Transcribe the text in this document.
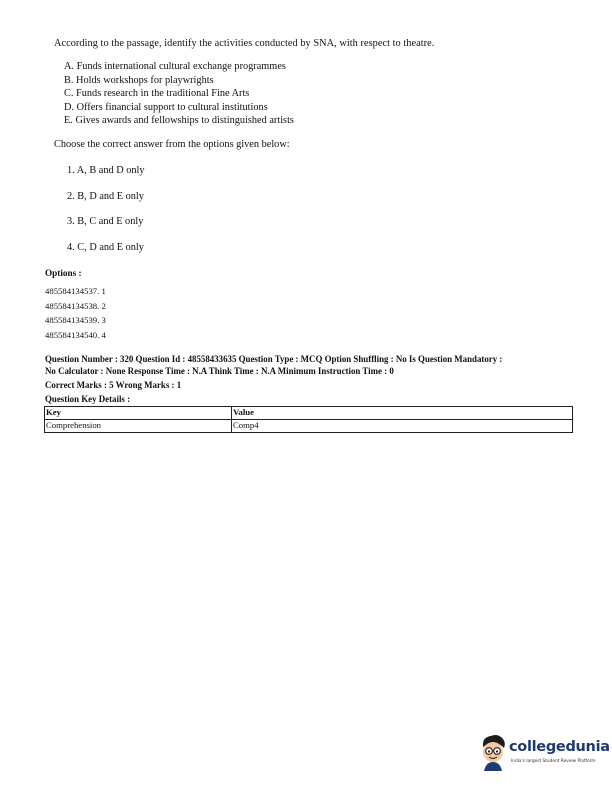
According to the passage, identify the activities conducted by SNA, with respect to theatre.
A. Funds international cultural exchange programmes
B. Holds workshops for playwrights
C. Funds research in the traditional Fine Arts
D. Offers financial support to cultural institutions
E. Gives awards and fellowships to distinguished artists
Choose the correct answer from the options given below:
1. A, B and D only
2. B, D and E only
3. B, C and E only
4. C, D and E only
Options :
485584134537. 1
485584134538. 2
485584134539. 3
485584134540. 4
Question Number : 320 Question Id : 48558433635 Question Type : MCQ Option Shuffling : No Is Question Mandatory :
No Calculator : None Response Time : N.A Think Time : N.A Minimum Instruction Time : 0
Correct Marks : 5 Wrong Marks : 1
Question Key Details :
Key	Value
Comprehension	Comp4
collegedunia
India's largest Student Review Platform
